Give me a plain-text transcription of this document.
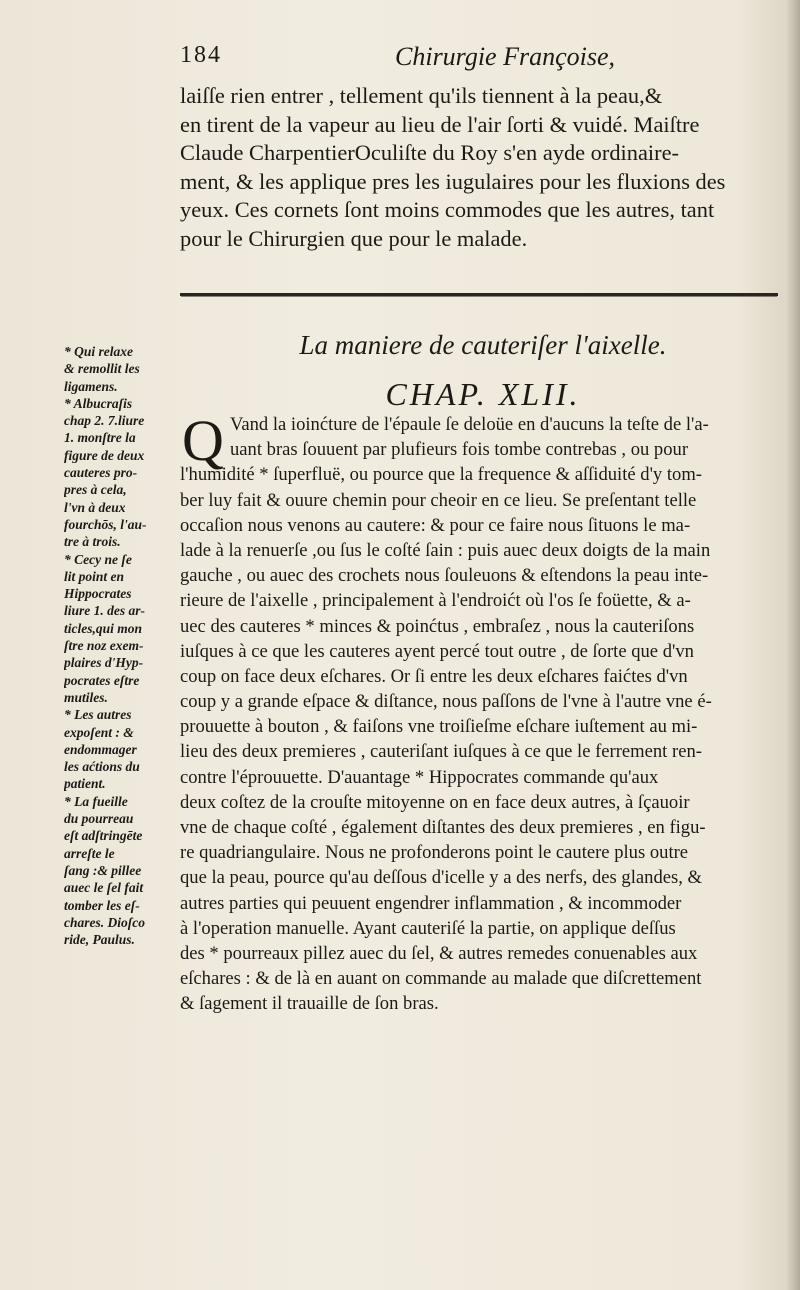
184	Chirurgie Françoise,
laiſſe rien entrer , tellement qu'ils tiennent à la peau,&
en tirent de la vapeur au lieu de l'air ſorti & vuidé. Maiſtre
Claude CharpentierOculiſte du Roy s'en ayde ordinaire-
ment, & les applique pres les iugulaires pour les fluxions des
yeux. Ces cornets ſont moins commodes que les autres, tant
pour le Chirurgien que pour le malade.
* Qui relaxe
& remollit les
ligamens.
* Albucraſis
chap 2. 7.liure
1. monſtre la
figure de deux
cauteres pro-
pres à cela,
l'vn à deux
fourchōs, l'au-
tre à trois.
* Cecy ne ſe
lit point en
Hippocrates
liure 1. des ar-
ticles,qui mon
ſtre noz exem-
plaires d'Hyp-
pocrates eſtre
mutiles.
* Les autres
expoſent : &
endommager
les aćtions du
patient.
* La fueille
du pourreau
eſt adſtringēte
arreſte le
ſang :& pillee
auec le ſel fait
tomber les eſ-
chares. Dioſco
ride, Paulus.
La maniere de cauteriſer l'aixelle.
CHAP. XLII.
Q Vand la ioinćture de l'épaule ſe deloüe en d'aucuns la teſte de l'a-
uant bras ſouuent par plufieurs fois tombe contrebas , ou pour
l'humidité * ſuperfluë, ou pource que la frequence & aſſiduité d'y tom-
ber luy fait & ouure chemin pour cheoir en ce lieu. Se preſentant telle
occaſion nous venons au cautere: & pour ce faire nous ſituons le ma-
lade à la renuerſe ,ou ſus le coſté ſain : puis auec deux doigts de la main
gauche , ou auec des crochets nous ſouleuons & eſtendons la peau inte-
rieure de l'aixelle , principalement à l'endroićt où l'os ſe foüette, & a-
uec des cauteres * minces & poinćtus , embraſez , nous la cauteriſons
iuſques à ce que les cauteres ayent percé tout outre , de ſorte que d'vn
coup on face deux eſchares. Or ſi entre les deux eſchares faićtes d'vn
coup y a grande eſpace & diſtance, nous paſſons de l'vne à l'autre vne é-
prouuette à bouton , & faiſons vne troiſieſme eſchare iuſtement au mi-
lieu des deux premieres , cauteriſant iuſques à ce que le ferrement ren-
contre l'éprouuette. D'auantage * Hippocrates commande qu'aux
deux coſtez de la crouſte mitoyenne on en face deux autres, à ſçauoir
vne de chaque coſté , également diſtantes des deux premieres , en figu-
re quadriangulaire. Nous ne profonderons point le cautere plus outre
que la peau, pource qu'au deſſous d'icelle y a des nerfs, des glandes, &
autres parties qui peuuent engendrer inflammation , & incommoder
à l'operation manuelle. Ayant cauteriſé la partie, on applique deſſus
des * pourreaux pillez auec du ſel, & autres remedes conuenables aux
eſchares : & de là en auant on commande au malade que diſcrettement
& ſagement il trauaille de ſon bras.
